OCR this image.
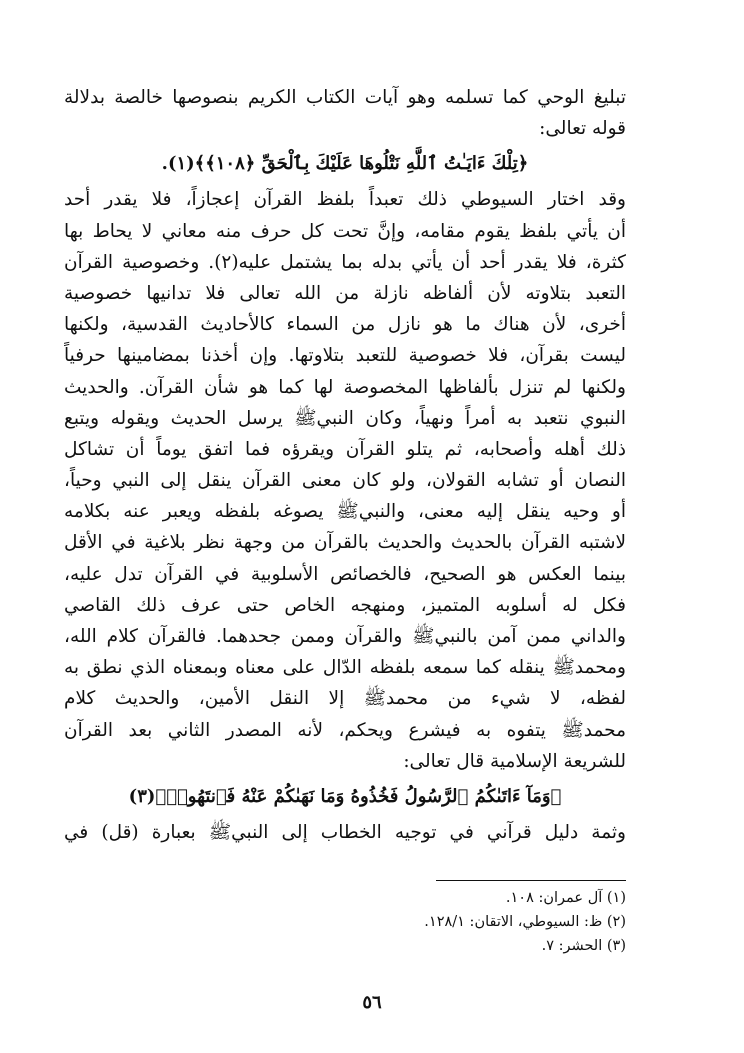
تبليغ الوحي كما تسلمه وهو آيات الكتاب الكريم بنصوصها خالصة بدلالة
قوله تعالى:
﴿تِلْكَ ءَايَـٰتُ ٱللَّهِ نَتْلُوهَا عَلَيْكَ بِٱلْحَقِّ ﴿١٠٨﴾﴾(١).
وقد اختار السيوطي ذلك تعبداً بلفظ القرآن إعجازاً، فلا يقدر أحد
أن يأتي بلفظ يقوم مقامه، وإنَّ تحت كل حرف منه معاني لا يحاط بها
كثرة، فلا يقدر أحد أن يأتي بدله بما يشتمل عليه(٢). وخصوصية القرآن
التعبد بتلاوته لأن ألفاظه نازلة من الله تعالى فلا تدانيها خصوصية
أخرى، لأن هناك ما هو نازل من السماء كالأحاديث القدسية، ولكنها
ليست بقرآن، فلا خصوصية للتعبد بتلاوتها. وإن أخذنا بمضامينها حرفياً
ولكنها لم تنزل بألفاظها المخصوصة لها كما هو شأن القرآن. والحديث
النبوي نتعبد به أمراً ونهياً، وكان النبيﷺ يرسل الحديث ويقوله ويتبع
ذلك أهله وأصحابه، ثم يتلو القرآن ويقرؤه فما اتفق يوماً أن تشاكل
النصان أو تشابه القولان، ولو كان معنى القرآن ينقل إلى النبي وحياً،
أو وحيه ينقل إليه معنى، والنبيﷺ يصوغه بلفظه ويعبر عنه بكلامه
لاشتبه القرآن بالحديث والحديث بالقرآن من وجهة نظر بلاغية في الأقل
بينما العكس هو الصحيح، فالخصائص الأسلوبية في القرآن تدل عليه،
فكل له أسلوبه المتميز، ومنهجه الخاص حتى عرف ذلك القاصي
والداني ممن آمن بالنبيﷺ والقرآن وممن جحدهما. فالقرآن كلام الله،
ومحمدﷺ ينقله كما سمعه بلفظه الدّال على معناه وبمعناه الذي نطق به
لفظه، لا شيء من محمدﷺ إلا النقل الأمين، والحديث كلام
محمدﷺ يتفوه به فيشرع ويحكم، لأنه المصدر الثاني بعد القرآن
للشريعة الإسلامية قال تعالى:
﴿وَمَآ ءَاتَىٰكُمُ ٱلرَّسُولُ فَخُذُوهُ وَمَا نَهَىٰكُمْ عَنْهُ فَٱنتَهُوا۟﴾(٣)
وثمة دليل قرآني في توجيه الخطاب إلى النبيﷺ بعبارة (قل) في
(١) آل عمران: ١٠٨.
(٢) ظ: السيوطي، الاتقان: ١٢٨/١.
(٣) الحشر: ٧.
٥٦
